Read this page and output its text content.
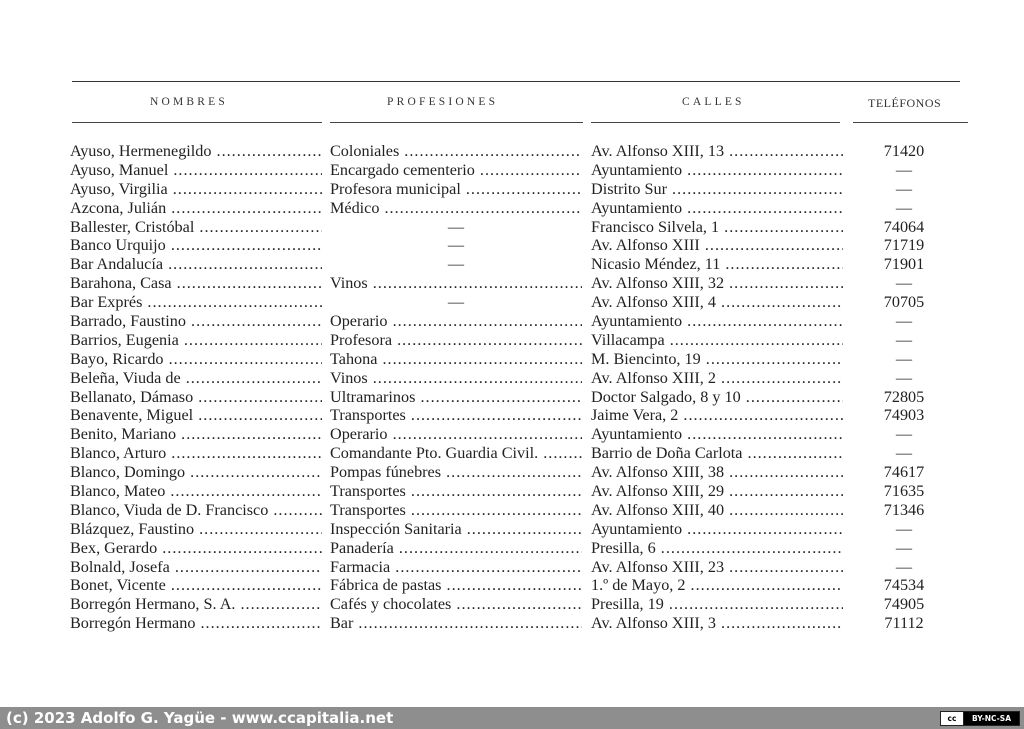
NOMBRES	PROFESIONES	CALLES	TELÉFONOS
Ayuso, Hermenegildo .....	Coloniales .....	Av. Alfonso XIII, 13 .....	71420
Ayuso, Manuel .....	Encargado cementerio .....	Ayuntamiento .....	—
Ayuso, Virgilia .....	Profesora municipal .....	Distrito Sur .....	—
Azcona, Julián .....	Médico .....	Ayuntamiento .....	—
Ballester, Cristóbal .....	—	Francisco Silvela, 1 .....	74064
Banco Urquijo .....	—	Av. Alfonso XIII .....	71719
Bar Andalucía .....	—	Nicasio Méndez, 11 .....	71901
Barahona, Casa .....	Vinos .....	Av. Alfonso XIII, 32 .....	—
Bar Exprés .....	—	Av. Alfonso XIII, 4 .....	70705
Barrado, Faustino .....	Operario .....	Ayuntamiento .....	—
Barrios, Eugenia .....	Profesora .....	Villacampa .....	—
Bayo, Ricardo .....	Tahona .....	M. Biencinto, 19 .....	—
Beleña, Viuda de .....	Vinos .....	Av. Alfonso XIII, 2 .....	—
Bellanato, Dámaso .....	Ultramarinos .....	Doctor Salgado, 8 y 10 .....	72805
Benavente, Miguel .....	Transportes .....	Jaime Vera, 2 .....	74903
Benito, Mariano .....	Operario .....	Ayuntamiento .....	—
Blanco, Arturo .....	Comandante Pto. Guardia Civil. .....	Barrio de Doña Carlota .....	—
Blanco, Domingo .....	Pompas fúnebres .....	Av. Alfonso XIII, 38 .....	74617
Blanco, Mateo .....	Transportes .....	Av. Alfonso XIII, 29 .....	71635
Blanco, Viuda de D. Francisco .....	Transportes .....	Av. Alfonso XIII, 40 .....	71346
Blázquez, Faustino .....	Inspección Sanitaria .....	Ayuntamiento .....	—
Bex, Gerardo .....	Panadería .....	Presilla, 6 .....	—
Bolnald, Josefa .....	Farmacia .....	Av. Alfonso XIII, 23 .....	—
Bonet, Vicente .....	Fábrica de pastas .....	1.º de Mayo, 2 .....	74534
Borregón Hermano, S. A. .....	Cafés y chocolates .....	Presilla, 19 .....	74905
Borregón Hermano .....	Bar .....	Av. Alfonso XIII, 3 .....	71112
(c) 2023 Adolfo G. Yagüe - www.ccapitalia.net	cc	BY-NC-SA
